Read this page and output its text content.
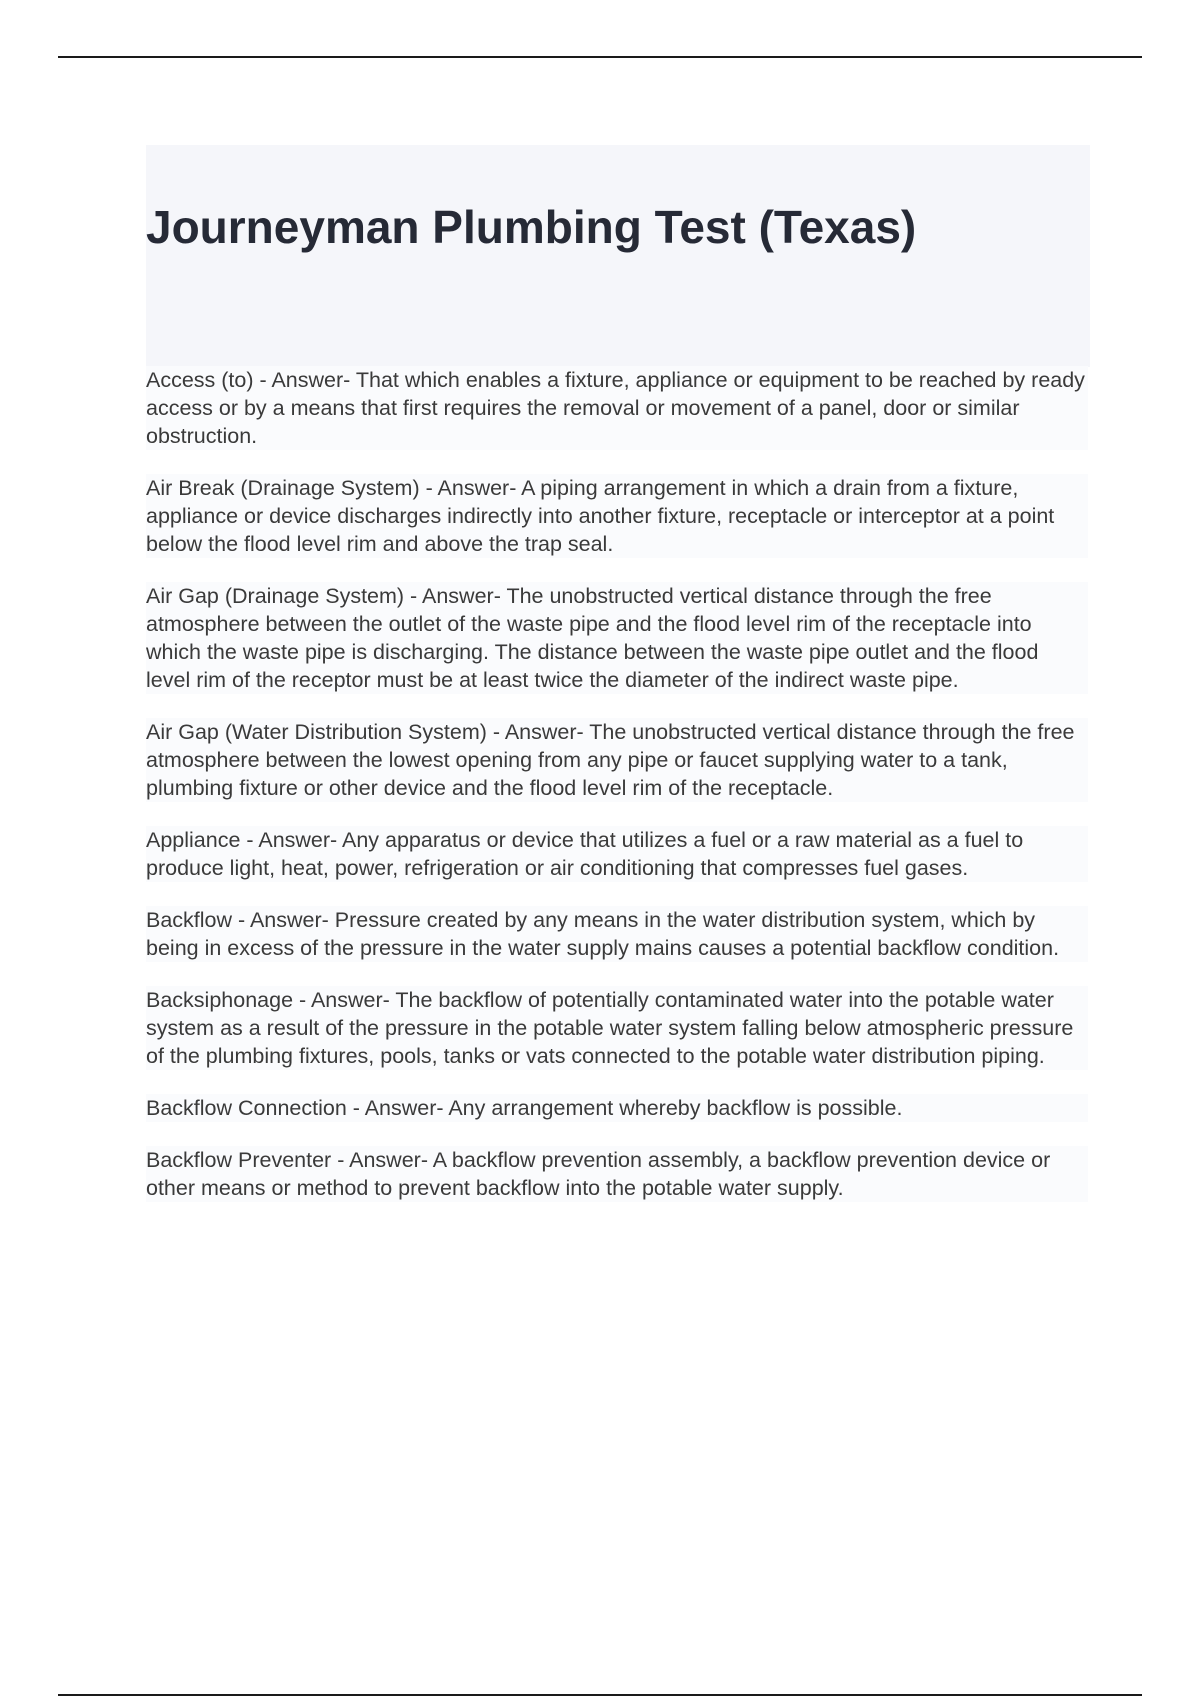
Journeyman Plumbing Test (Texas)

Access (to) - Answer- That which enables a fixture, appliance or equipment to be reached by ready access or by a means that first requires the removal or movement of a panel, door or similar obstruction.

Air Break (Drainage System) - Answer- A piping arrangement in which a drain from a fixture, appliance or device discharges indirectly into another fixture, receptacle or interceptor at a point below the flood level rim and above the trap seal.

Air Gap (Drainage System) - Answer- The unobstructed vertical distance through the free atmosphere between the outlet of the waste pipe and the flood level rim of the receptacle into which the waste pipe is discharging. The distance between the waste pipe outlet and the flood level rim of the receptor must be at least twice the diameter of the indirect waste pipe.

Air Gap (Water Distribution System) - Answer- The unobstructed vertical distance through the free atmosphere between the lowest opening from any pipe or faucet supplying water to a tank, plumbing fixture or other device and the flood level rim of the receptacle.

Appliance - Answer- Any apparatus or device that utilizes a fuel or a raw material as a fuel to produce light, heat, power, refrigeration or air conditioning that compresses fuel gases.

Backflow - Answer- Pressure created by any means in the water distribution system, which by being in excess of the pressure in the water supply mains causes a potential backflow condition.

Backsiphonage - Answer- The backflow of potentially contaminated water into the potable water system as a result of the pressure in the potable water system falling below atmospheric pressure of the plumbing fixtures, pools, tanks or vats connected to the potable water distribution piping.

Backflow Connection - Answer- Any arrangement whereby backflow is possible.

Backflow Preventer - Answer- A backflow prevention assembly, a backflow prevention device or other means or method to prevent backflow into the potable water supply.
